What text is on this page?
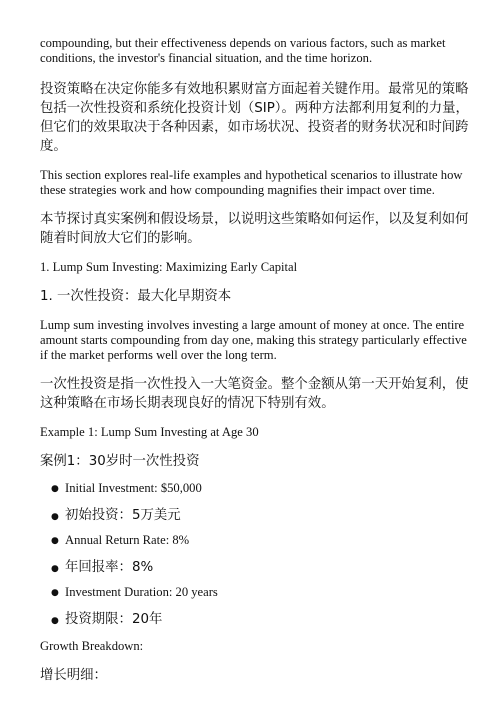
compounding, but their effectiveness depends on various factors, such as market conditions, the investor's financial situation, and the time horizon.

投资策略在决定你能多有效地积累财富方面起着关键作用。最常见的策略包括一次性投资和系统化投资计划（SIP）。两种方法都利用复利的力量，但它们的效果取决于各种因素，如市场状况、投资者的财务状况和时间跨度。

This section explores real-life examples and hypothetical scenarios to illustrate how these strategies work and how compounding magnifies their impact over time.

本节探讨真实案例和假设场景，以说明这些策略如何运作，以及复利如何随着时间放大它们的影响。

1. Lump Sum Investing: Maximizing Early Capital

1. 一次性投资：最大化早期资本

Lump sum investing involves investing a large amount of money at once. The entire amount starts compounding from day one, making this strategy particularly effective if the market performs well over the long term.

一次性投资是指一次性投入一大笔资金。整个金额从第一天开始复利，使这种策略在市场长期表现良好的情况下特别有效。

Example 1: Lump Sum Investing at Age 30

案例1：30岁时一次性投资

● Initial Investment: $50,000
● 初始投资：5万美元
● Annual Return Rate: 8%
● 年回报率：8%
● Investment Duration: 20 years
● 投资期限：20年

Growth Breakdown:

增长明细：
